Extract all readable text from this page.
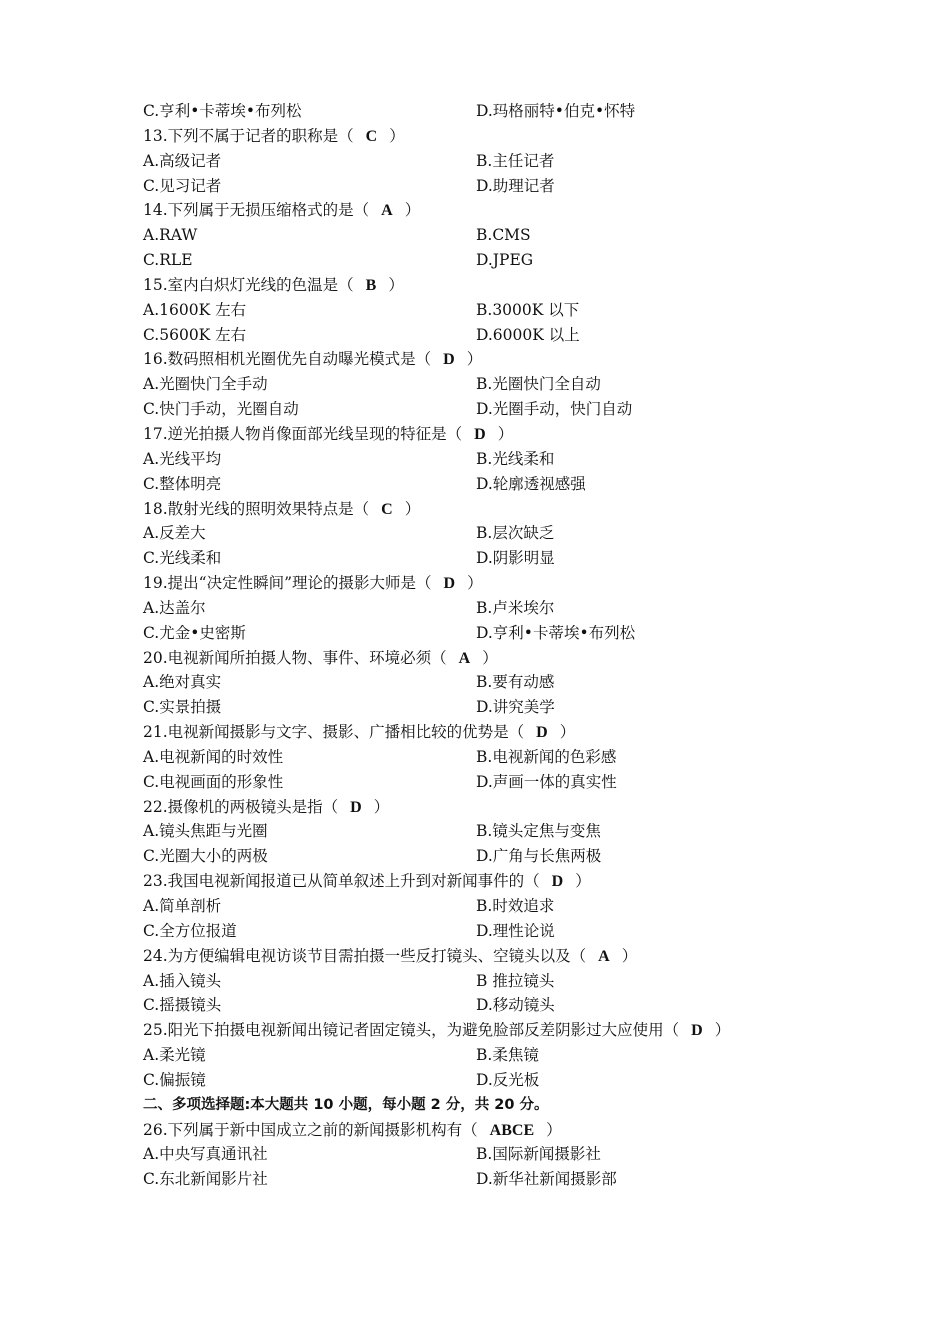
C.亨利•卡蒂埃•布列松	D.玛格丽特•伯克•怀特
13.下列不属于记者的职称是（ C ）
A.高级记者	B.主任记者
C.见习记者	D.助理记者
14.下列属于无损压缩格式的是（ A ）
A.RAW	B.CMS
C.RLE	D.JPEG
15.室内白炽灯光线的色温是（ B ）
A.1600K 左右	B.3000K 以下
C.5600K 左右	D.6000K 以上
16.数码照相机光圈优先自动曝光模式是（ D ）
A.光圈快门全手动	B.光圈快门全自动
C.快门手动，光圈自动	D.光圈手动，快门自动
17.逆光拍摄人物肖像面部光线呈现的特征是（ D ）
A.光线平均	B.光线柔和
C.整体明亮	D.轮廓透视感强
18.散射光线的照明效果特点是（ C ）
A.反差大	B.层次缺乏
C.光线柔和	D.阴影明显
19.提出“决定性瞬间”理论的摄影大师是（ D ）
A.达盖尔	B.卢米埃尔
C.尤金•史密斯	D.亨利•卡蒂埃•布列松
20.电视新闻所拍摄人物、事件、环境必须（ A ）
A.绝对真实	B.要有动感
C.实景拍摄	D.讲究美学
21.电视新闻摄影与文字、摄影、广播相比较的优势是（ D ）
A.电视新闻的时效性	B.电视新闻的色彩感
C.电视画面的形象性	D.声画一体的真实性
22.摄像机的两极镜头是指（ D ）
A.镜头焦距与光圈	B.镜头定焦与变焦
C.光圈大小的两极	D.广角与长焦两极
23.我国电视新闻报道已从简单叙述上升到对新闻事件的（ D ）
A.简单剖析	B.时效追求
C.全方位报道	D.理性论说
24.为方便编辑电视访谈节目需拍摄一些反打镜头、空镜头以及（ A ）
A.插入镜头	B 推拉镜头
C.摇摄镜头	D.移动镜头
25.阳光下拍摄电视新闻出镜记者固定镜头，为避免脸部反差阴影过大应使用（ D ）
A.柔光镜	B.柔焦镜
C.偏振镜	D.反光板
二、多项选择题:本大题共 10 小题，每小题 2 分，共 20 分。
26.下列属于新中国成立之前的新闻摄影机构有（ ABCE ）
A.中央写真通讯社	B.国际新闻摄影社
C.东北新闻影片社	D.新华社新闻摄影部
